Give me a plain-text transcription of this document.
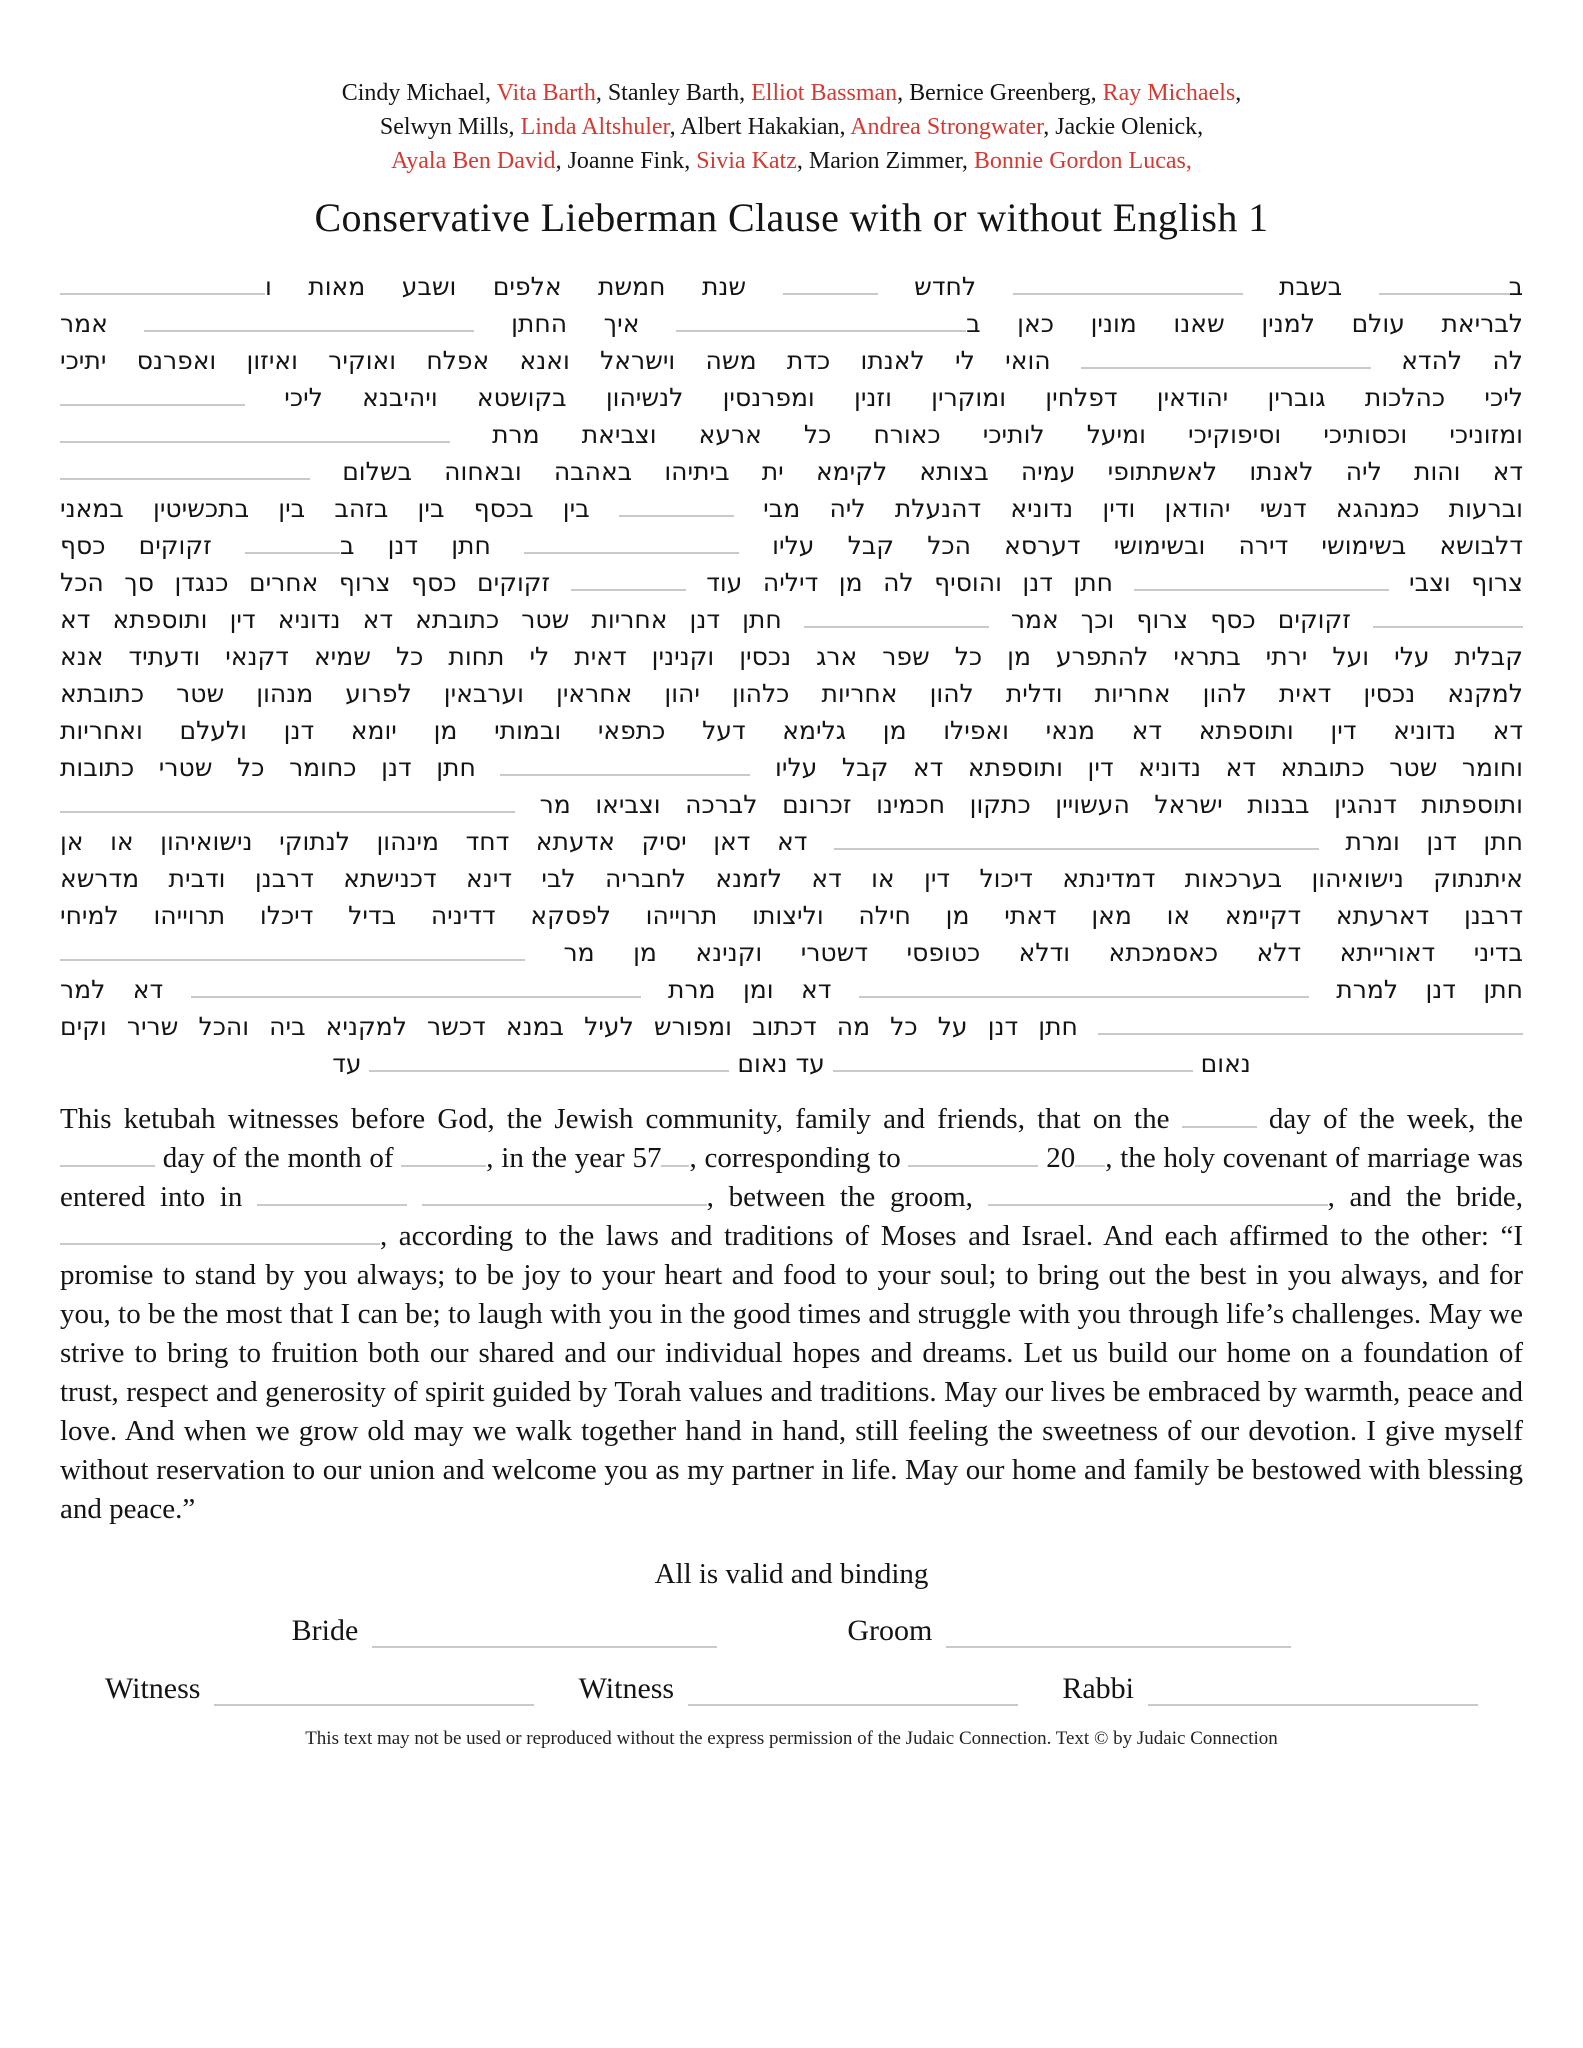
Cindy Michael, Vita Barth, Stanley Barth, Elliot Bassman, Bernice Greenberg, Ray Michaels,
Selwyn Mills, Linda Altshuler, Albert Hakakian, Andrea Strongwater, Jackie Olenick,
Ayala Ben David, Joanne Fink, Sivia Katz, Marion Zimmer, Bonnie Gordon Lucas,
Conservative Lieberman Clause with or without English 1
ב בשבת  לחדש  שנת חמשת אלפים ושבע מאות ו
לבריאת עולם למנין שאנו מונין כאן ב איך החתן  אמר
לה להדא  הואי לי לאנתו כדת משה וישראל ואנא אפלח ואוקיר ואיזון ואפרנס יתיכי
ליכי כהלכות גוברין יהודאין דפלחין ומוקרין וזנין ומפרנסין לנשיהון בקושטא ויהיבנא ליכי
ומזוניכי וכסותיכי וסיפוקיכי ומיעל לותיכי כאורח כל ארעא וצביאת מרת
דא והות ליה לאנתו לאשתתופי עמיה בצותא לקימא ית ביתיהו באהבה ובאחוה בשלום
וברעות כמנהגא דנשי יהודאן ודין נדוניא דהנעלת ליה מבי  בין בכסף בין בזהב בין בתכשיטין במאני
דלבושא בשימושי דירה ובשימושי דערסא הכל קבל עליו  חתן דנן ב זקוקים כסף
צרוף וצבי  חתן דנן והוסיף לה מן דיליה עוד  זקוקים כסף צרוף אחרים כנגדן סך הכל
זקוקים כסף צרוף וכך אמר  חתן דנן אחריות שטר כתובתא דא נדוניא דין ותוספתא דא
קבלית עלי ועל ירתי בתראי להתפרע מן כל שפר ארג נכסין וקנינין דאית לי תחות כל שמיא דקנאי ודעתיד אנא
למקנא נכסין דאית להון אחריות ודלית להון אחריות כלהון יהון אחראין וערבאין לפרוע מנהון שטר כתובתא
דא נדוניא דין ותוספתא דא מנאי ואפילו מן גלימא דעל כתפאי ובמותי מן יומא דנן ולעלם ואחריות
וחומר שטר כתובתא דא נדוניא דין ותוספתא דא קבל עליו  חתן דנן כחומר כל שטרי כתובות
ותוספתות דנהגין בבנות ישראל העשויין כתקון חכמינו זכרונם לברכה וצביאו מר
חתן דנן ומרת  דא דאן יסיק אדעתא דחד מינהון לנתוקי נישואיהון או אן
איתנתוק נישואיהון בערכאות דמדינתא דיכול דין או דא לזמנא לחבריה לבי דינא דכנישתא דרבנן ודבית מדרשא
דרבנן דארעתא דקיימא או מאן דאתי מן חילה וליצותו תרוייהו לפסקא דדיניה בדיל דיכלו תרוייהו למיחי
בדיני דאורייתא דלא כאסמכתא ודלא כטופסי דשטרי וקנינא מן מר
חתן דנן למרת  דא ומן מרת  דא למר
חתן דנן על כל מה דכתוב ומפורש לעיל במנא דכשר למקניא ביה והכל שריר וקים
נאום  עד נאום  עד

This ketubah witnesses before God, the Jewish community, family and friends, that on the	day of the week, the  day of the month of	, in the year 57 , corresponding to	20 , the holy covenant of marriage was entered into in	, between the groom,	, and the bride, , according to the laws and traditions of Moses and Israel. And each affirmed to the other: “I promise to stand by you always; to be joy to your heart and food to your soul; to bring out the best in you always, and for you, to be the most that I can be; to laugh with you in the good times and struggle with you through life’s challenges. May we strive to bring to fruition both our shared and our individual hopes and dreams. Let us build our home on a foundation of trust, respect and generosity of spirit guided by Torah values and traditions. May our lives be embraced by warmth, peace and love. And when we grow old may we walk together hand in hand, still feeling the sweetness of our devotion. I give myself without reservation to our union and welcome you as my partner in life. May our home and family be bestowed with blessing and peace.”

All is valid and binding
Bride	Groom
Witness	Witness	Rabbi
This text may not be used or reproduced without the express permission of the Judaic Connection. Text © by Judaic Connection
